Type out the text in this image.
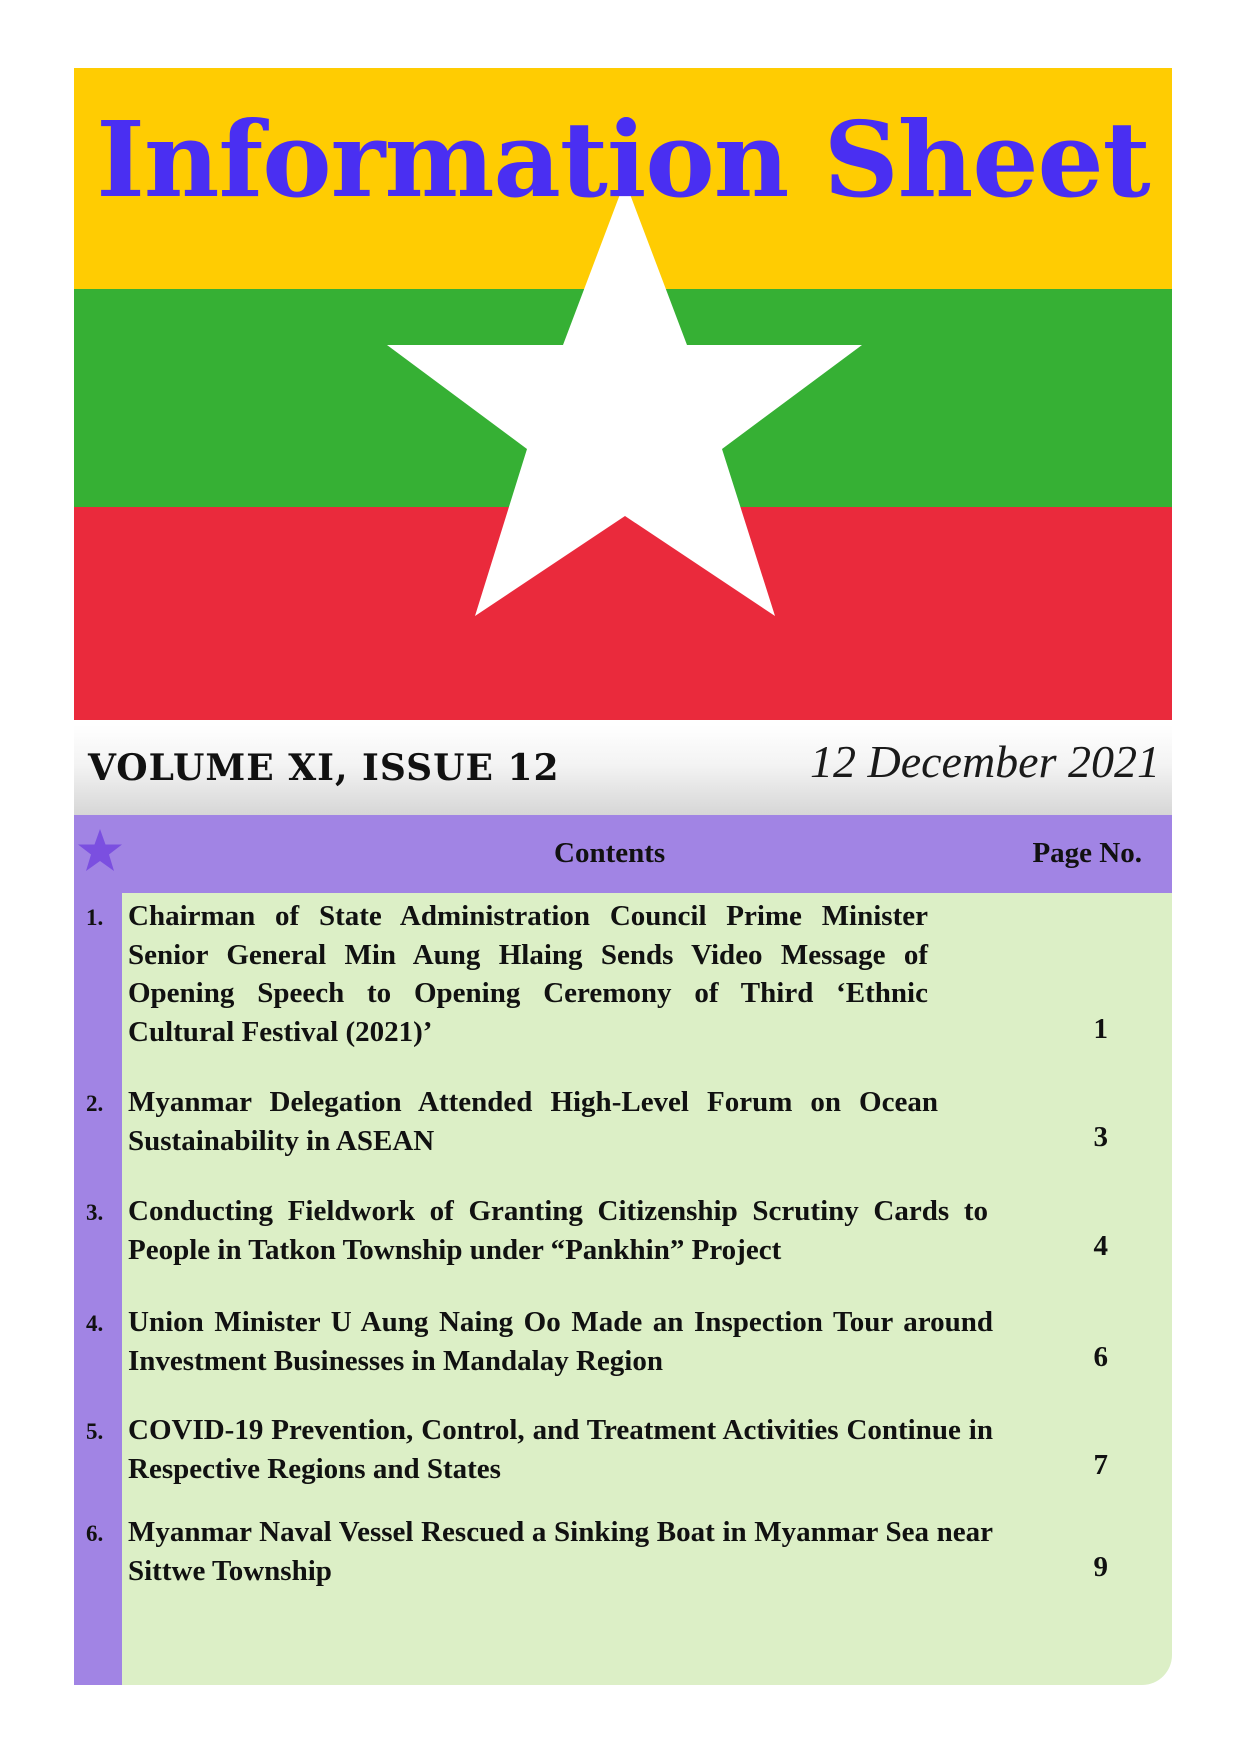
Information Sheet
VOLUME XI, ISSUE 12	12 December 2021
Contents	Page No.
1. Chairman of State Administration Council Prime Minister Senior General Min Aung Hlaing Sends Video Message of Opening Speech to Opening Ceremony of Third ‘Ethnic Cultural Festival (2021)’	1
2. Myanmar Delegation Attended High-Level Forum on Ocean Sustainability in ASEAN	3
3. Conducting Fieldwork of Granting Citizenship Scrutiny Cards to People in Tatkon Township under “Pankhin” Project	4
4. Union Minister U Aung Naing Oo Made an Inspection Tour around Investment Businesses in Mandalay Region	6
5. COVID-19 Prevention, Control, and Treatment Activities Continue in Respective Regions and States	7
6. Myanmar Naval Vessel Rescued a Sinking Boat in Myanmar Sea near Sittwe Township	9
